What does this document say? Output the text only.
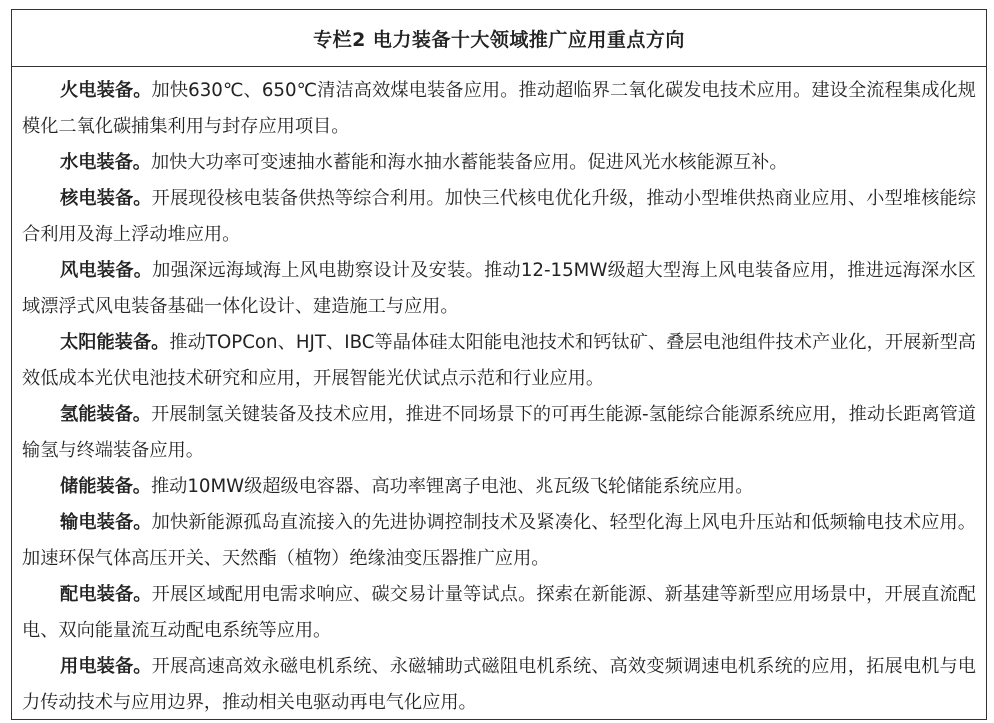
专栏2 电力装备十大领域推广应用重点方向

火电装备。加快630℃、650℃清洁高效煤电装备应用。推动超临界二氧化碳发电技术应用。建设全流程集成化规模化二氧化碳捕集利用与封存应用项目。

水电装备。加快大功率可变速抽水蓄能和海水抽水蓄能装备应用。促进风光水核能源互补。

核电装备。开展现役核电装备供热等综合利用。加快三代核电优化升级，推动小型堆供热商业应用、小型堆核能综合利用及海上浮动堆应用。

风电装备。加强深远海域海上风电勘察设计及安装。推动12-15MW级超大型海上风电装备应用，推进远海深水区域漂浮式风电装备基础一体化设计、建造施工与应用。

太阳能装备。推动TOPCon、HJT、IBC等晶体硅太阳能电池技术和钙钛矿、叠层电池组件技术产业化，开展新型高效低成本光伏电池技术研究和应用，开展智能光伏试点示范和行业应用。

氢能装备。开展制氢关键装备及技术应用，推进不同场景下的可再生能源-氢能综合能源系统应用，推动长距离管道输氢与终端装备应用。

储能装备。推动10MW级超级电容器、高功率锂离子电池、兆瓦级飞轮储能系统应用。

输电装备。加快新能源孤岛直流接入的先进协调控制技术及紧凑化、轻型化海上风电升压站和低频输电技术应用。加速环保气体高压开关、天然酯（植物）绝缘油变压器推广应用。

配电装备。开展区域配用电需求响应、碳交易计量等试点。探索在新能源、新基建等新型应用场景中，开展直流配电、双向能量流互动配电系统等应用。

用电装备。开展高速高效永磁电机系统、永磁辅助式磁阻电机系统、高效变频调速电机系统的应用，拓展电机与电力传动技术与应用边界，推动相关电驱动再电气化应用。
